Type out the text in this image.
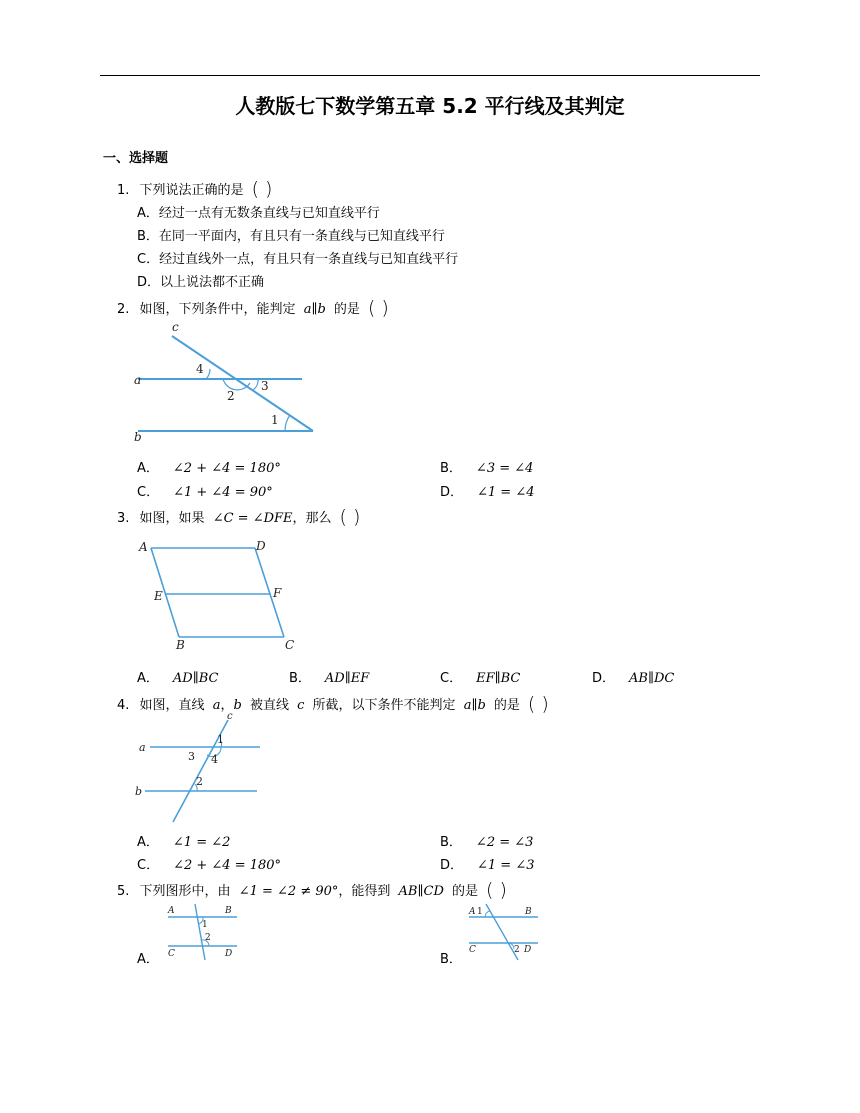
人教版七下数学第五章 5.2 平行线及其判定
一、选择题
1. 下列说法正确的是 ( )
A．经过一点有无数条直线与已知直线平行
B．在同一平面内，有且只有一条直线与已知直线平行
C．经过直线外一点，有且只有一条直线与已知直线平行
D．以上说法都不正确
2. 如图，下列条件中，能判定 a∥b 的是 ( )
c
a
b
4
3
2
1
A． ∠2 + ∠4 = 180°	B． ∠3 = ∠4
C． ∠1 + ∠4 = 90°	D． ∠1 = ∠4
3. 如图，如果 ∠C = ∠DFE，那么 ( )
A	D
E	F
B	C
A． AD∥BC	B． AD∥EF	C． EF∥BC	D． AB∥DC
4. 如图，直线 a，b 被直线 c 所截，以下条件不能判定 a∥b 的是 ( )
c
a
b
1
3 4
2
A． ∠1 = ∠2	B． ∠2 = ∠3
C． ∠2 + ∠4 = 180°	D． ∠1 = ∠3
5. 下列图形中，由 ∠1 = ∠2 ≠ 90°，能得到 AB∥CD 的是 ( )
A．
A	B
C	D
1
2
B．
A 1	B
C	2 D
